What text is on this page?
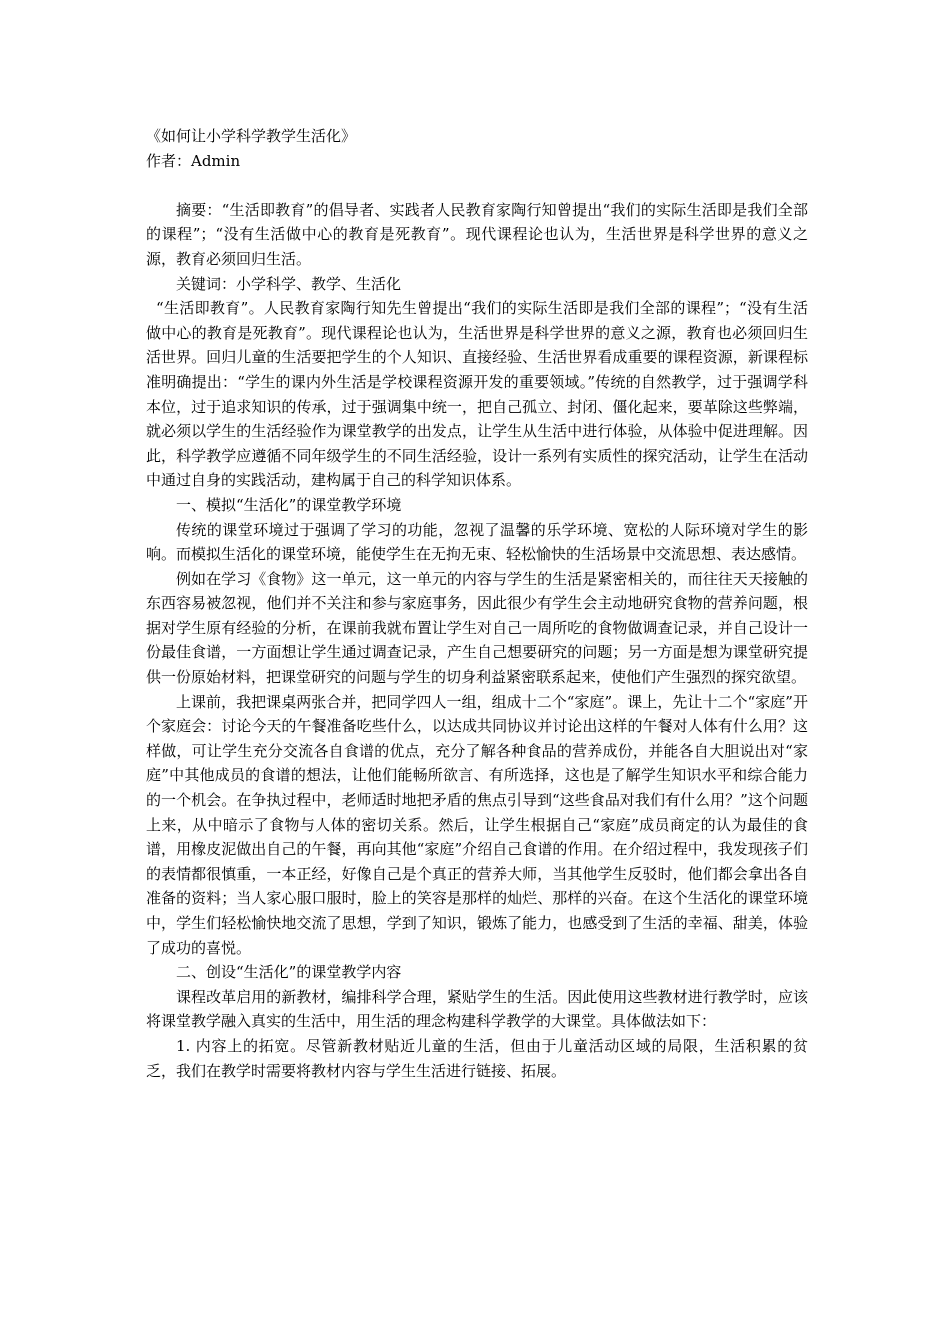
《如何让小学科学教学生活化》
作者：Admin

摘要：“生活即教育”的倡导者、实践者人民教育家陶行知曾提出“我们的实际生活即是我们全部的课程”；“没有生活做中心的教育是死教育”。现代课程论也认为，生活世界是科学世界的意义之源，教育必须回归生活。

关键词：小学科学、教学、生活化

“生活即教育”。人民教育家陶行知先生曾提出“我们的实际生活即是我们全部的课程”；“没有生活做中心的教育是死教育”。现代课程论也认为，生活世界是科学世界的意义之源，教育也必须回归生活世界。回归儿童的生活要把学生的个人知识、直接经验、生活世界看成重要的课程资源，新课程标准明确提出：“学生的课内外生活是学校课程资源开发的重要领域。”传统的自然教学，过于强调学科本位，过于追求知识的传承，过于强调集中统一，把自己孤立、封闭、僵化起来，要革除这些弊端，就必须以学生的生活经验作为课堂教学的出发点，让学生从生活中进行体验，从体验中促进理解。因此，科学教学应遵循不同年级学生的不同生活经验，设计一系列有实质性的探究活动，让学生在活动中通过自身的实践活动，建构属于自己的科学知识体系。

一、模拟“生活化”的课堂教学环境

传统的课堂环境过于强调了学习的功能，忽视了温馨的乐学环境、宽松的人际环境对学生的影响。而模拟生活化的课堂环境，能使学生在无拘无束、轻松愉快的生活场景中交流思想、表达感情。

例如在学习《食物》这一单元，这一单元的内容与学生的生活是紧密相关的，而往往天天接触的东西容易被忽视，他们并不关注和参与家庭事务，因此很少有学生会主动地研究食物的营养问题，根据对学生原有经验的分析，在课前我就布置让学生对自己一周所吃的食物做调查记录，并自己设计一份最佳食谱，一方面想让学生通过调查记录，产生自己想要研究的问题；另一方面是想为课堂研究提供一份原始材料，把课堂研究的问题与学生的切身利益紧密联系起来，使他们产生强烈的探究欲望。

上课前，我把课桌两张合并，把同学四人一组，组成十二个“家庭”。课上，先让十二个“家庭”开个家庭会：讨论今天的午餐准备吃些什么，以达成共同协议并讨论出这样的午餐对人体有什么用？这样做，可让学生充分交流各自食谱的优点，充分了解各种食品的营养成份，并能各自大胆说出对“家庭”中其他成员的食谱的想法，让他们能畅所欲言、有所选择，这也是了解学生知识水平和综合能力的一个机会。在争执过程中，老师适时地把矛盾的焦点引导到“这些食品对我们有什么用？”这个问题上来，从中暗示了食物与人体的密切关系。然后，让学生根据自己“家庭”成员商定的认为最佳的食谱，用橡皮泥做出自己的午餐，再向其他“家庭”介绍自己食谱的作用。在介绍过程中，我发现孩子们的表情都很慎重，一本正经，好像自己是个真正的营养大师，当其他学生反驳时，他们都会拿出各自准备的资料；当人家心服口服时，脸上的笑容是那样的灿烂、那样的兴奋。在这个生活化的课堂环境中，学生们轻松愉快地交流了思想，学到了知识，锻炼了能力，也感受到了生活的幸福、甜美，体验了成功的喜悦。

二、创设“生活化”的课堂教学内容

课程改革启用的新教材，编排科学合理，紧贴学生的生活。因此使用这些教材进行教学时，应该将课堂教学融入真实的生活中，用生活的理念构建科学教学的大课堂。具体做法如下：

1. 内容上的拓宽。尽管新教材贴近儿童的生活，但由于儿童活动区域的局限，生活积累的贫乏，我们在教学时需要将教材内容与学生生活进行链接、拓展。
